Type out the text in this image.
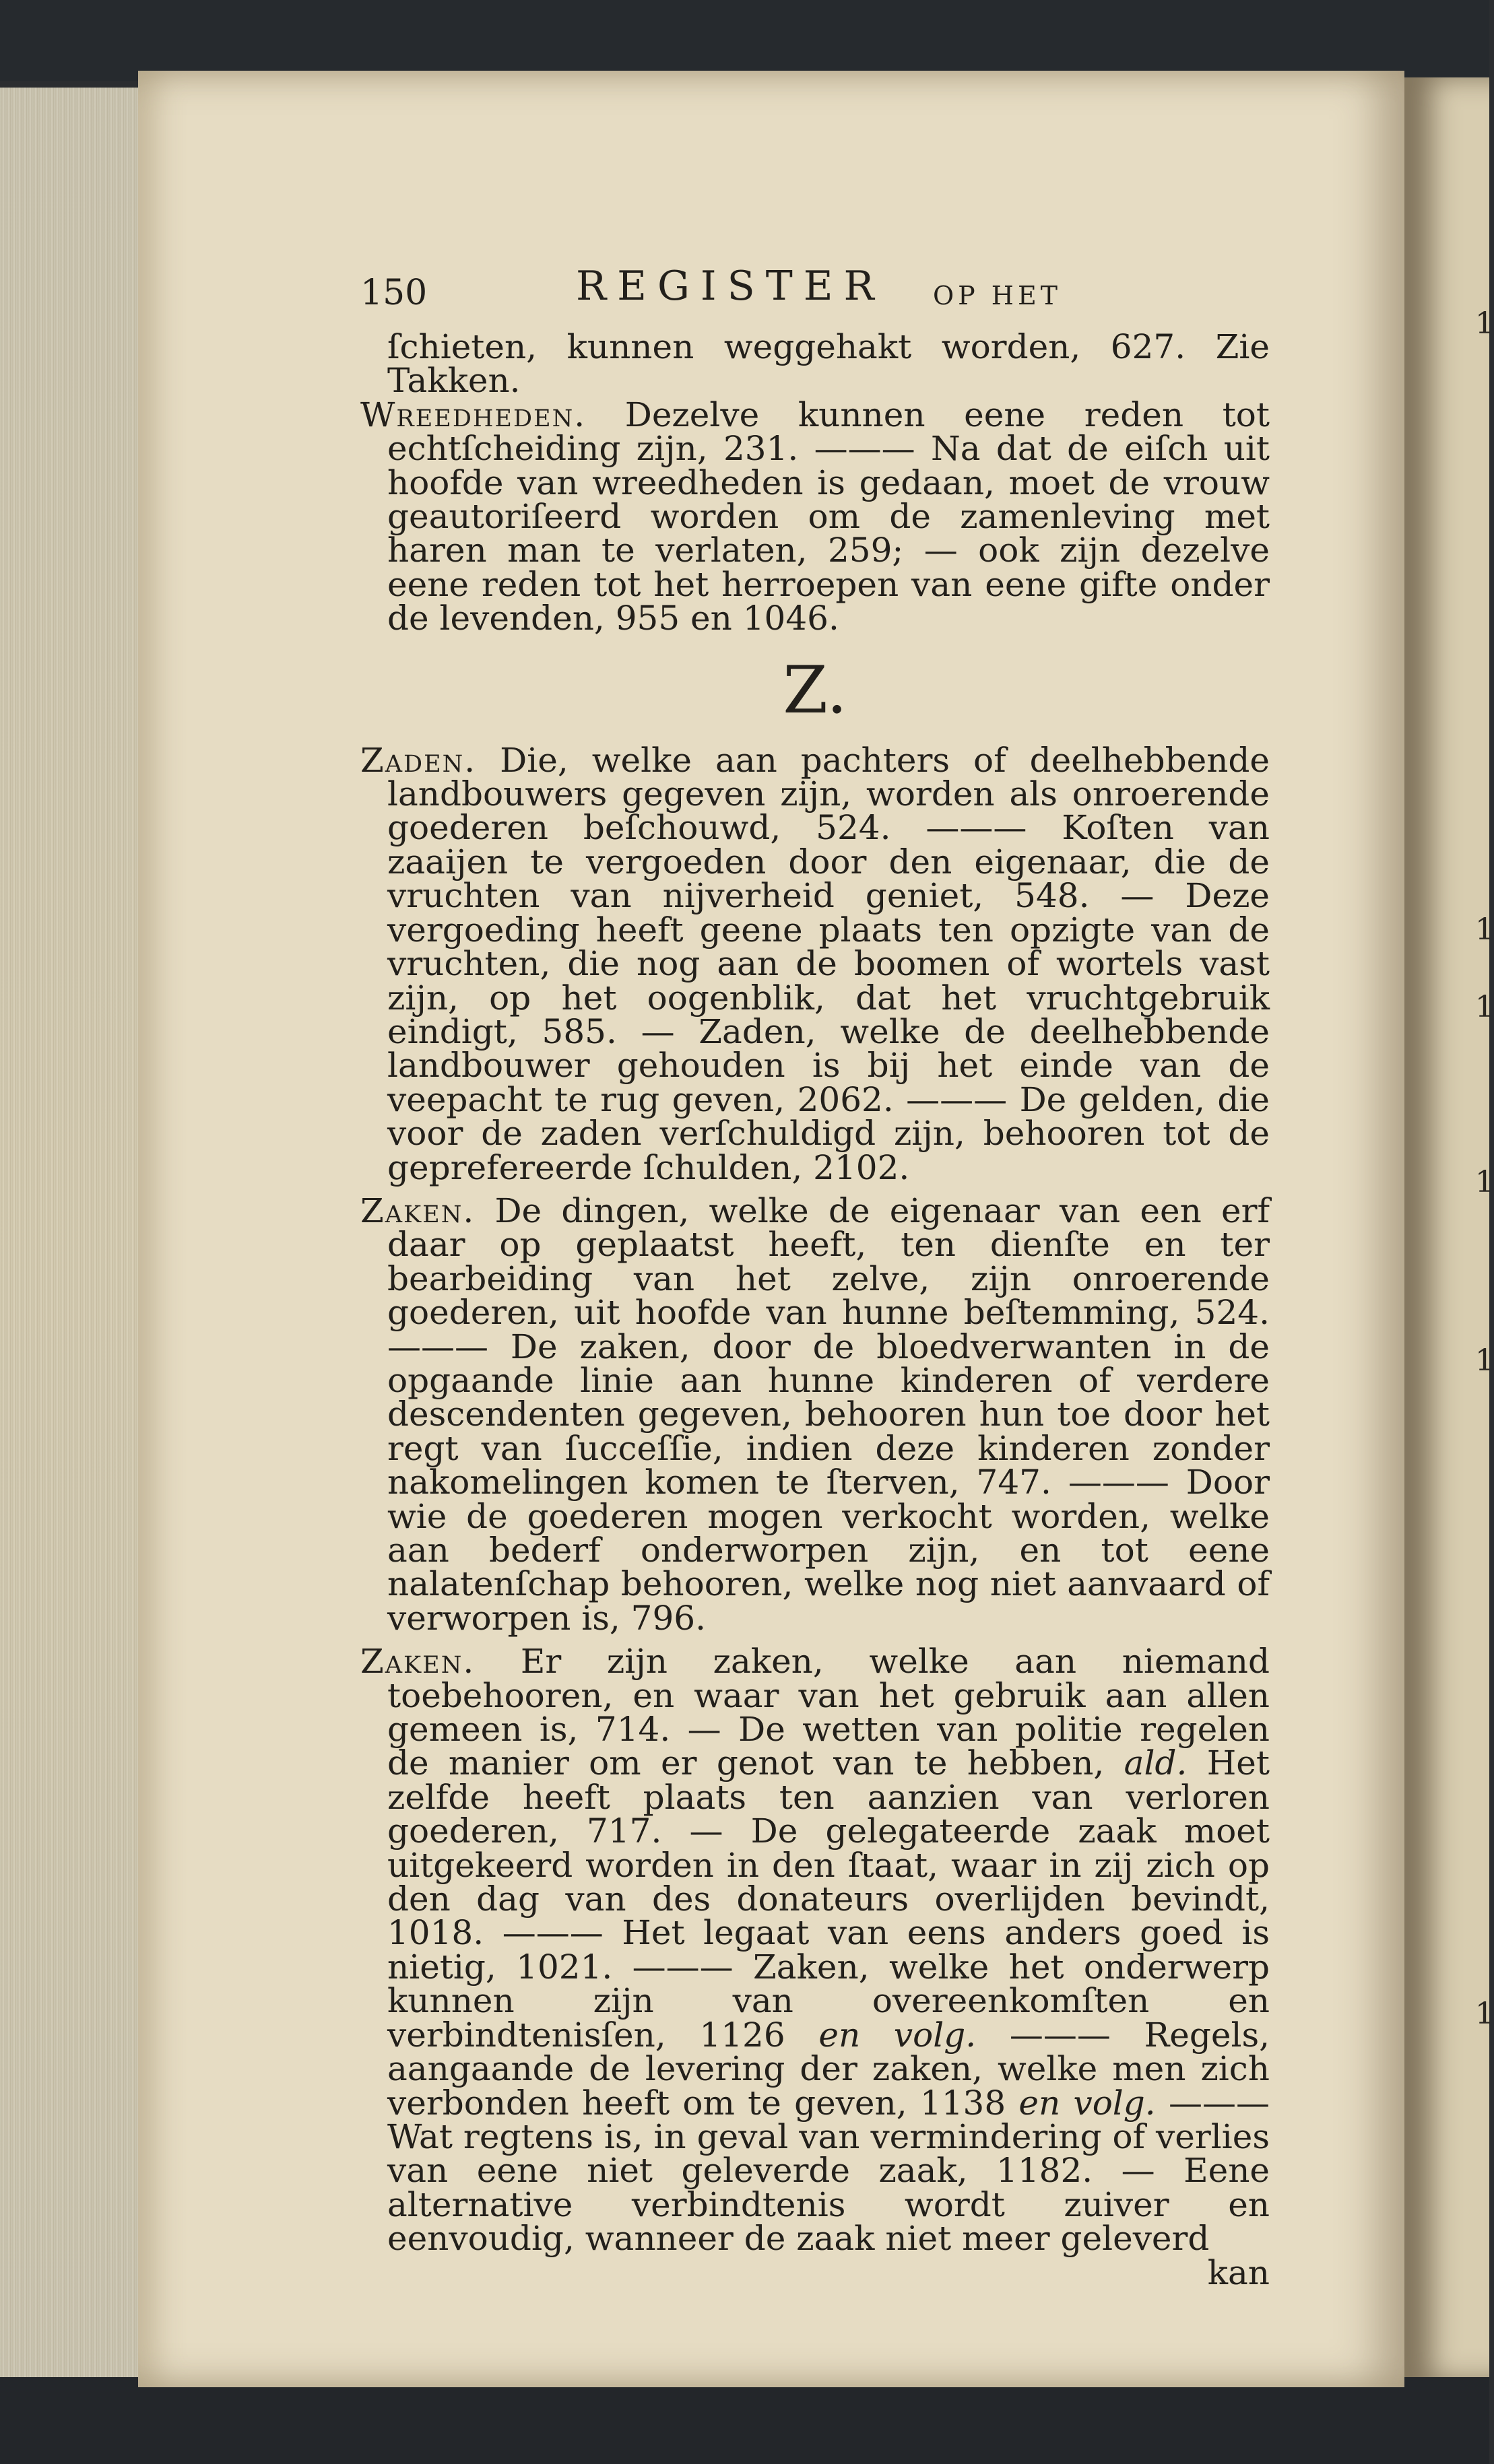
1
1
1
1
1
1
150	REGISTER OP HET

ſchieten, kunnen weggehakt worden, 627. Zie Takken.

Wreedheden. Dezelve kunnen eene reden tot echtſcheiding zijn, 231. ——— Na dat de eiſch uit hoofde van wreedheden is gedaan, moet de vrouw geautoriſeerd worden om de zamenleving met haren man te verlaten, 259; — ook zijn dezelve eene reden tot het herroepen van eene gifte onder de levenden, 955 en 1046.

Z.

Zaden. Die, welke aan pachters of deelhebbende landbouwers gegeven zijn, worden als onroerende goederen beſchouwd, 524. ——— Koſten van zaaijen te vergoeden door den eigenaar, die de vruchten van nijverheid geniet, 548. — Deze vergoeding heeft geene plaats ten opzigte van de vruchten, die nog aan de boomen of wortels vast zijn, op het oogenblik, dat het vruchtgebruik eindigt, 585. — Zaden, welke de deelhebbende landbouwer gehouden is bij het einde van de veepacht te rug geven, 2062. ——— De gelden, die voor de zaden verſchuldigd zijn, behooren tot de geprefereerde ſchulden, 2102.

Zaken. De dingen, welke de eigenaar van een erf daar op geplaatst heeft, ten dienſte en ter bearbeiding van het zelve, zijn onroerende goederen, uit hoofde van hunne beſtemming, 524. ——— De zaken, door de bloedverwanten in de opgaande linie aan hunne kinderen of verdere descendenten gegeven, behooren hun toe door het regt van ſucceſſie, indien deze kinderen zonder nakomelingen komen te ſterven, 747. ——— Door wie de goederen mogen verkocht worden, welke aan bederf onderworpen zijn, en tot eene nalatenſchap behooren, welke nog niet aanvaard of verworpen is, 796.

Zaken. Er zijn zaken, welke aan niemand toebehooren, en waar van het gebruik aan allen gemeen is, 714. — De wetten van politie regelen de manier om er genot van te hebben, ald. Het zelfde heeft plaats ten aanzien van verloren goederen, 717. — De gelegateerde zaak moet uitgekeerd worden in den ſtaat, waar in zij zich op den dag van des donateurs overlijden bevindt, 1018. ——— Het legaat van eens anders goed is nietig, 1021. ——— Zaken, welke het onderwerp kunnen zijn van overeenkomſten en verbindtenisſen, 1126 en volg. ——— Regels, aangaande de levering der zaken, welke men zich verbonden heeft om te geven, 1138 en volg. ——— Wat regtens is, in geval van vermindering of verlies van eene niet geleverde zaak, 1182. — Eene alternative verbindtenis wordt zuiver en eenvoudig, wanneer de zaak niet meer geleverd

kan
